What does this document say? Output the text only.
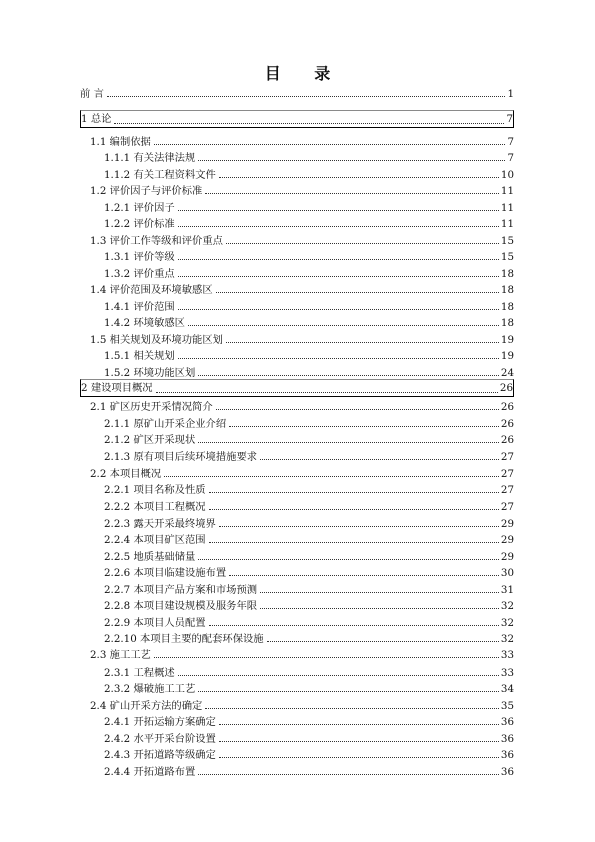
目 录
前 言	1
1 总论	7
1.1 编制依据	7
1.1.1 有关法律法规	7
1.1.2 有关工程资料文件	10
1.2 评价因子与评价标准	11
1.2.1 评价因子	11
1.2.2 评价标准	11
1.3 评价工作等级和评价重点	15
1.3.1 评价等级	15
1.3.2 评价重点	18
1.4 评价范围及环境敏感区	18
1.4.1 评价范围	18
1.4.2 环境敏感区	18
1.5 相关规划及环境功能区划	19
1.5.1 相关规划	19
1.5.2 环境功能区划	24
2 建设项目概况	26
2.1 矿区历史开采情况简介	26
2.1.1 原矿山开采企业介绍	26
2.1.2 矿区开采现状	26
2.1.3 原有项目后续环境措施要求	27
2.2 本项目概况	27
2.2.1 项目名称及性质	27
2.2.2 本项目工程概况	27
2.2.3 露天开采最终境界	29
2.2.4 本项目矿区范围	29
2.2.5 地质基础储量	29
2.2.6 本项目临建设施布置	30
2.2.7 本项目产品方案和市场预测	31
2.2.8 本项目建设规模及服务年限	32
2.2.9 本项目人员配置	32
2.2.10 本项目主要的配套环保设施	32
2.3 施工工艺	33
2.3.1 工程概述	33
2.3.2 爆破施工工艺	34
2.4 矿山开采方法的确定	35
2.4.1 开拓运输方案确定	36
2.4.2 水平开采台阶设置	36
2.4.3 开拓道路等级确定	36
2.4.4 开拓道路布置	36
